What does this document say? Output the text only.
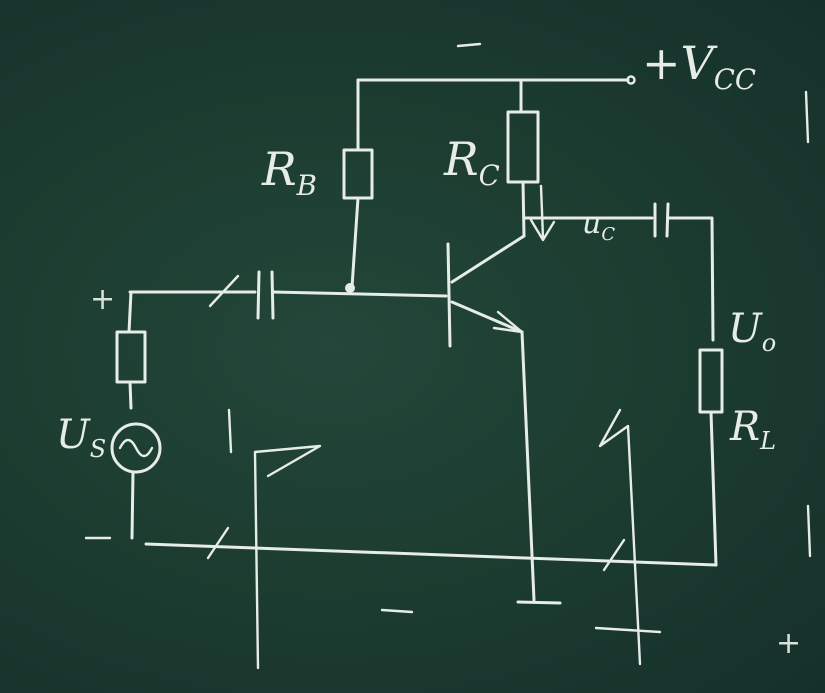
$+V_{CC}$
$R_B$	$R_C$
$u_C$
$U_o$
$R_L$
$U_S$
+
+
